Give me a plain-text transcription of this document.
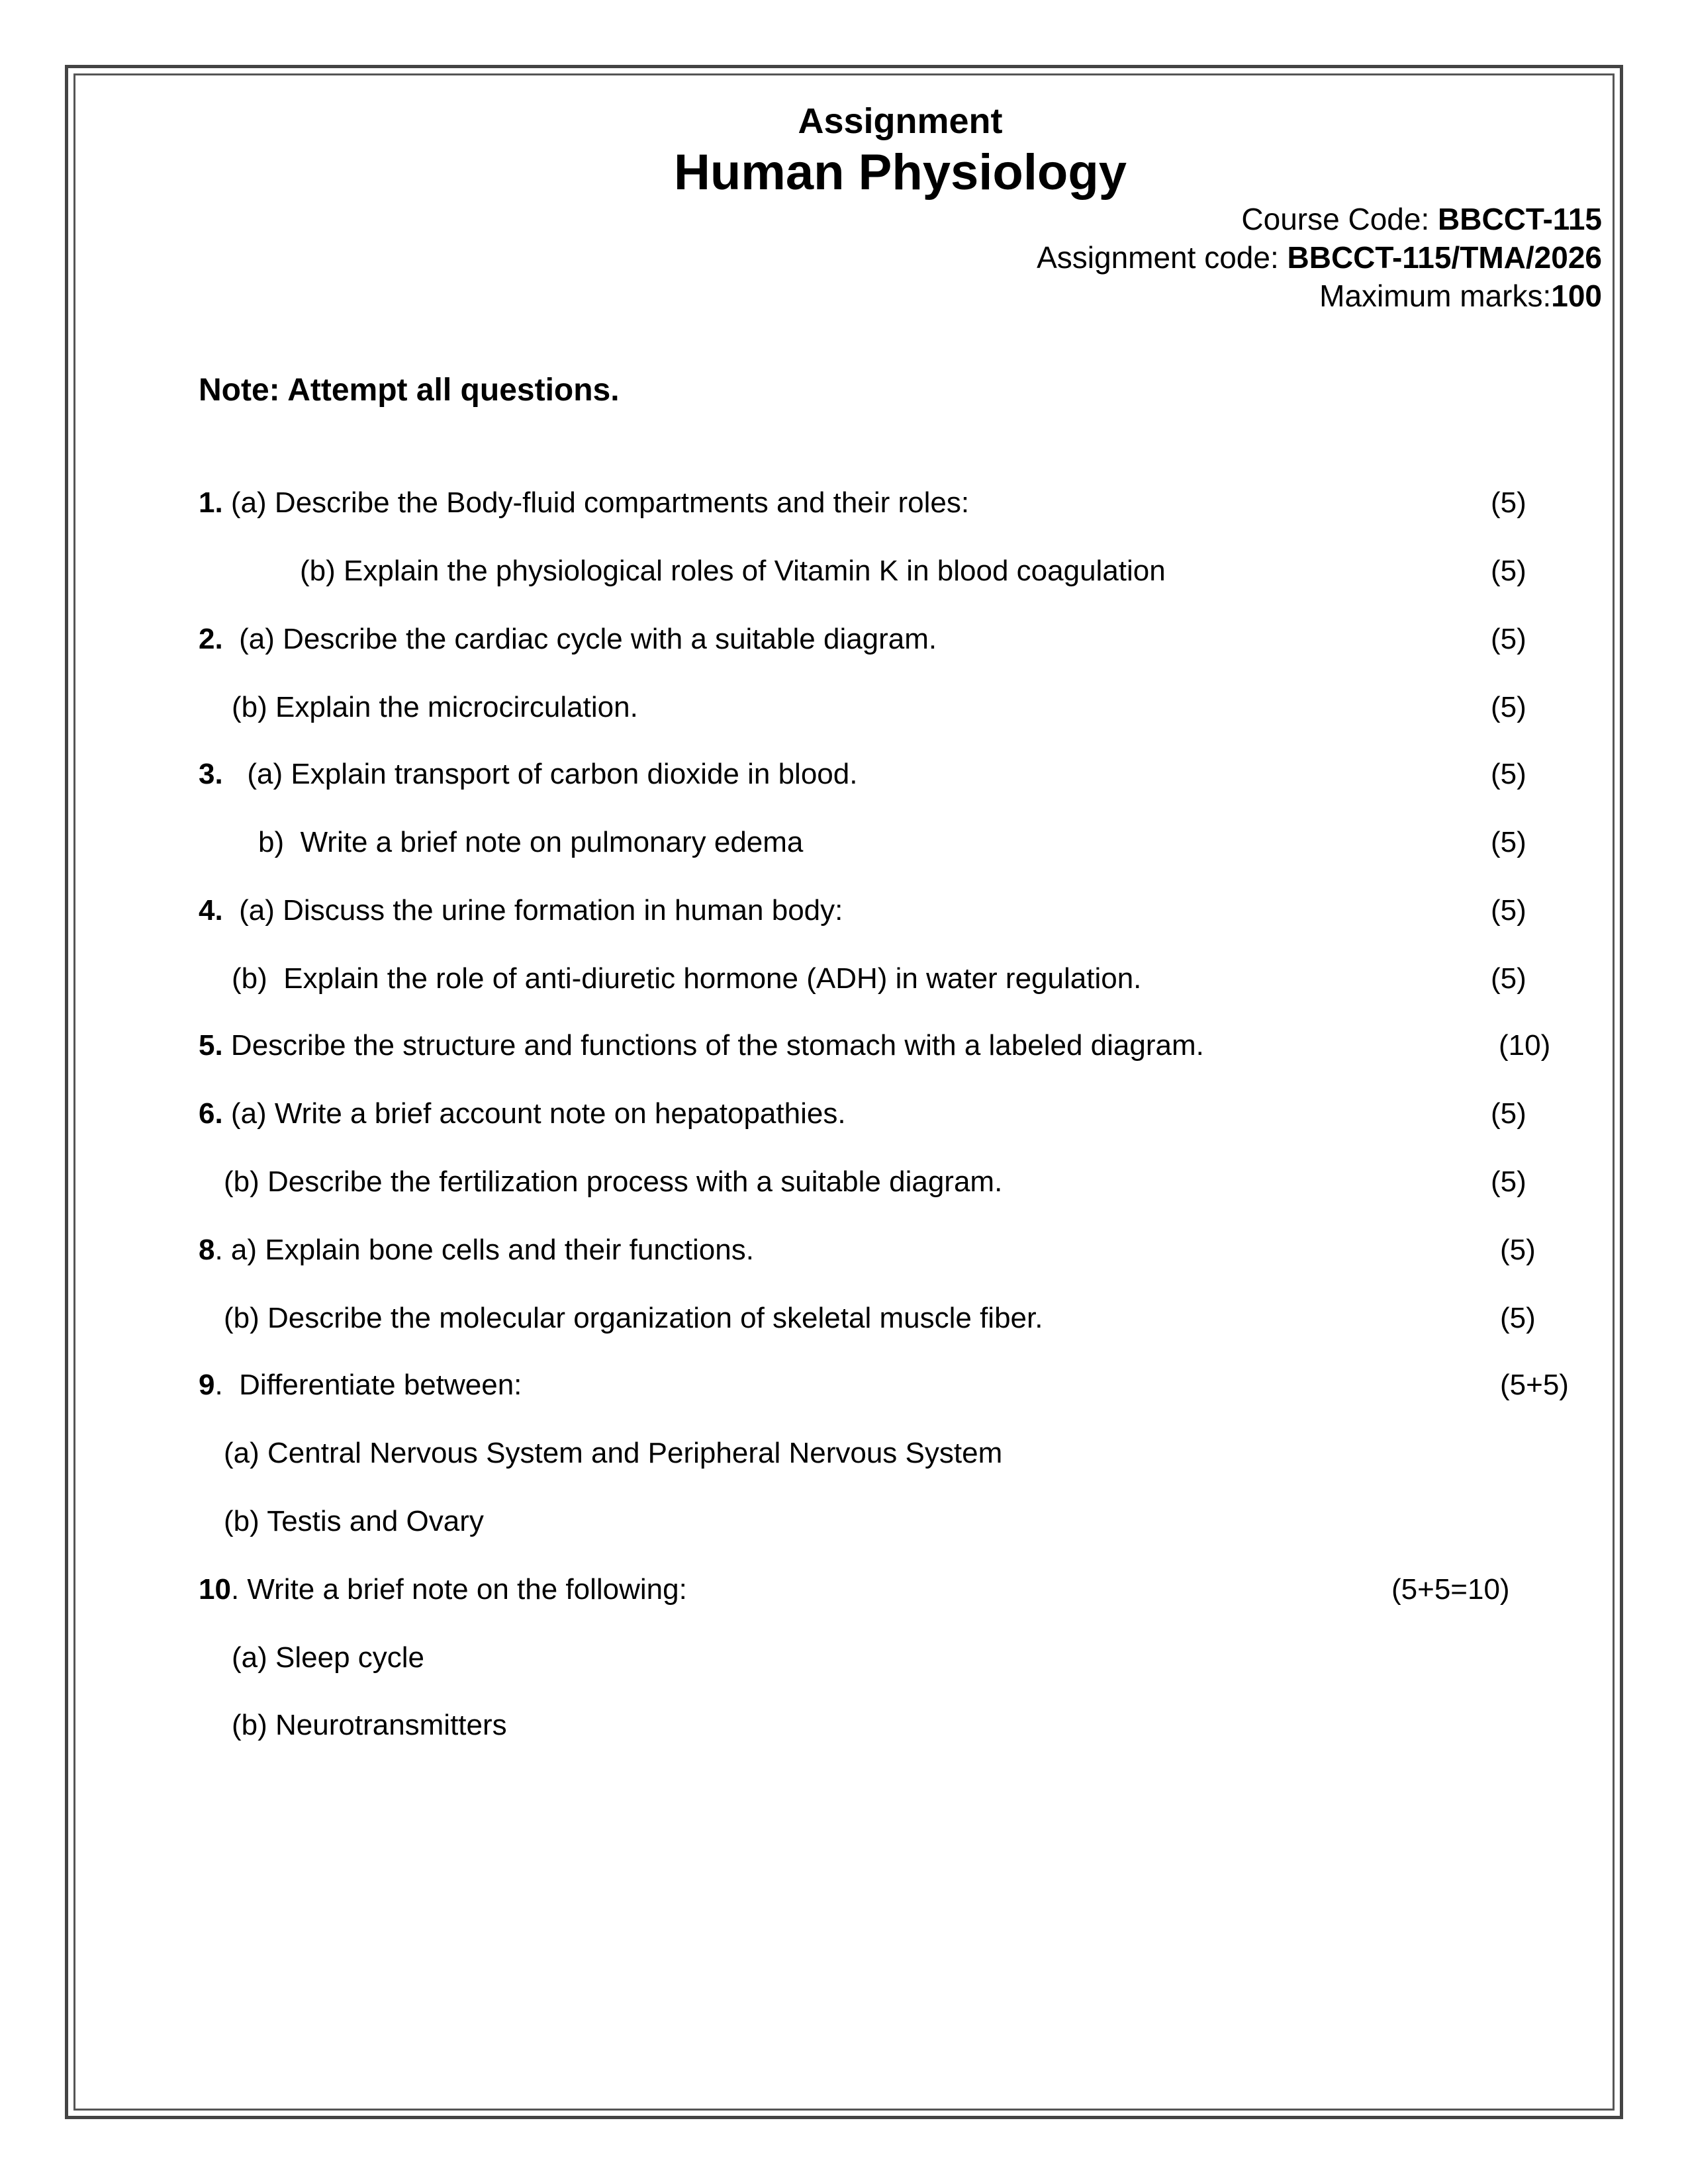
Assignment
Human Physiology
Course Code: BBCCT-115
Assignment code: BBCCT-115/TMA/2026
Maximum marks:100
Note: Attempt all questions.
1. (a) Describe the Body-fluid compartments and their roles:	(5)
(b) Explain the physiological roles of Vitamin K in blood coagulation	(5)
2.  (a) Describe the cardiac cycle with a suitable diagram.	(5)
(b) Explain the microcirculation.	(5)
3.   (a) Explain transport of carbon dioxide in blood.	(5)
b)  Write a brief note on pulmonary edema	(5)
4.  (a) Discuss the urine formation in human body:	(5)
(b)  Explain the role of anti-diuretic hormone (ADH) in water regulation.	(5)
5. Describe the structure and functions of the stomach with a labeled diagram.	(10)
6. (a) Write a brief account note on hepatopathies.	(5)
(b) Describe the fertilization process with a suitable diagram.	(5)
8. a) Explain bone cells and their functions.	(5)
(b) Describe the molecular organization of skeletal muscle fiber.	(5)
9.  Differentiate between:	(5+5)
(a) Central Nervous System and Peripheral Nervous System
(b) Testis and Ovary
10. Write a brief note on the following:	(5+5=10)
(a) Sleep cycle
(b) Neurotransmitters
